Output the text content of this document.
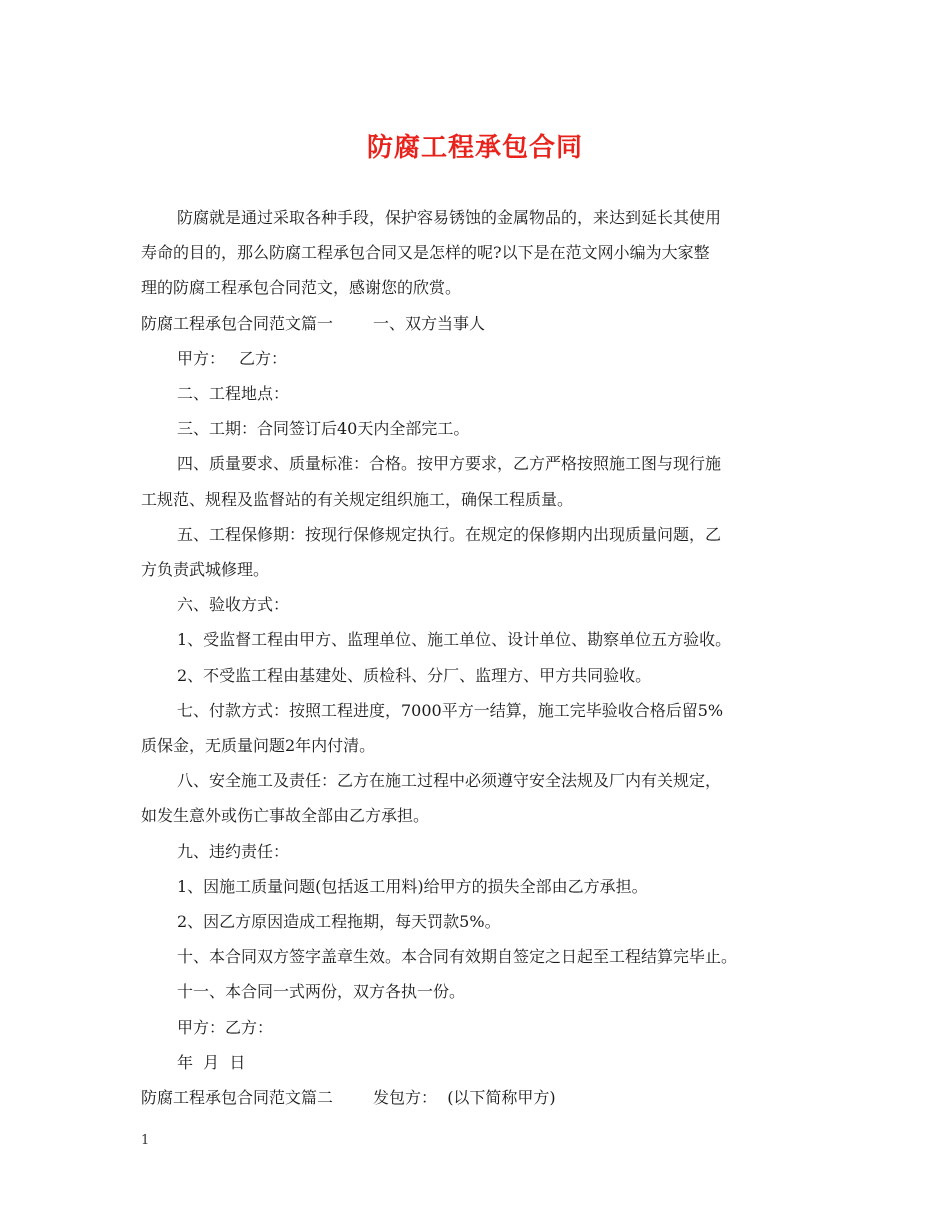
防腐工程承包合同

防腐就是通过采取各种手段，保护容易锈蚀的金属物品的，来达到延长其使用

寿命的目的，那么防腐工程承包合同又是怎样的呢?以下是在范文网小编为大家整

理的防腐工程承包合同范文，感谢您的欣赏。

防腐工程承包合同范文篇一	一、双方当事人

甲方： 乙方：

二、工程地点：

三、工期：合同签订后40天内全部完工。

四、质量要求、质量标准：合格。按甲方要求，乙方严格按照施工图与现行施

工规范、规程及监督站的有关规定组织施工，确保工程质量。

五、工程保修期：按现行保修规定执行。在规定的保修期内出现质量问题，乙

方负责武城修理。

六、验收方式：

1、受监督工程由甲方、监理单位、施工单位、设计单位、勘察单位五方验收。

2、不受监工程由基建处、质检科、分厂、监理方、甲方共同验收。

七、付款方式：按照工程进度，7000平方一结算，施工完毕验收合格后留5%

质保金，无质量问题2年内付清。

八、安全施工及责任：乙方在施工过程中必须遵守安全法规及厂内有关规定，

如发生意外或伤亡事故全部由乙方承担。

九、违约责任：

1、因施工质量问题(包括返工用料)给甲方的损失全部由乙方承担。

2、因乙方原因造成工程拖期，每天罚款5%。

十、本合同双方签字盖章生效。本合同有效期自签定之日起至工程结算完毕止。

十一、本合同一式两份，双方各执一份。

甲方：乙方：

年  月  日

防腐工程承包合同范文篇二	发包方：  (以下简称甲方)

1
